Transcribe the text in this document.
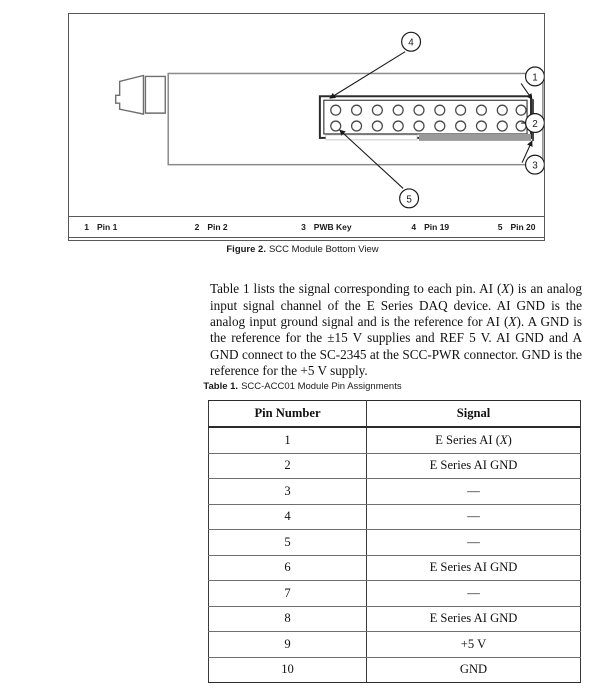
4
5
1
2
3
1 Pin 1	2 Pin 2	3 PWB Key	4 Pin 19	5 Pin 20
Figure 2. SCC Module Bottom View

Table 1 lists the signal corresponding to each pin. AI (X) is an analog input signal channel of the E Series DAQ device. AI GND is the analog input ground signal and is the reference for AI (X). A GND is the reference for the ±15 V supplies and REF 5 V. AI GND and A GND connect to the SC-2345 at the SCC-PWR connector. GND is the reference for the +5 V supply.

Table 1. SCC-ACC01 Module Pin Assignments
Pin Number	Signal
1	E Series AI (X)
2	E Series AI GND
3	—
4	—
5	—
6	E Series AI GND
7	—
8	E Series AI GND
9	+5 V
10	GND
